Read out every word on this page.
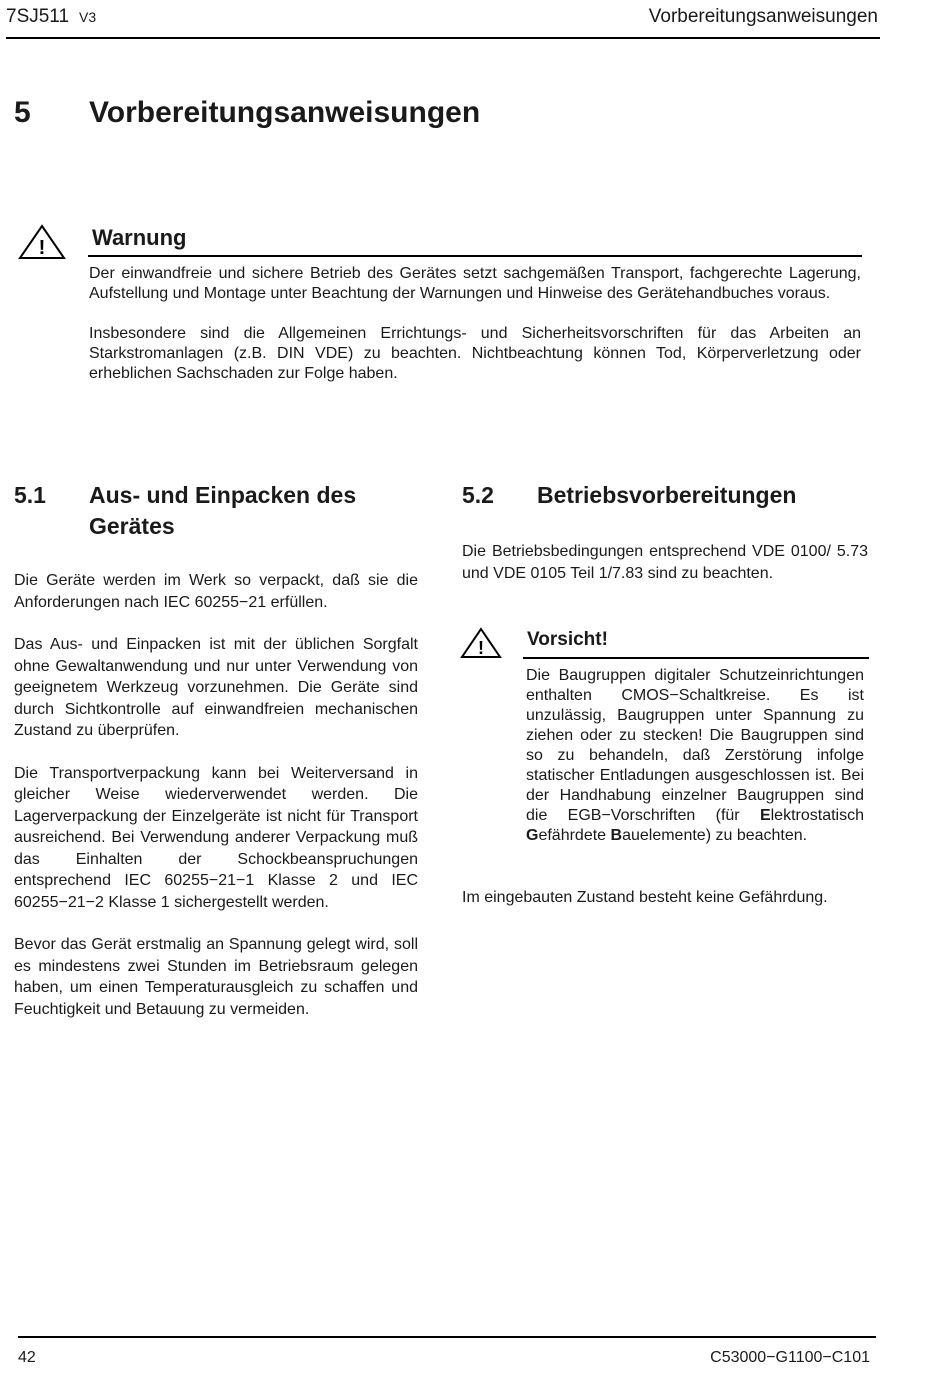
7SJ511 V3	Vorbereitungsanweisungen
5 Vorbereitungsanweisungen
! Warnung

Der einwandfreie und sichere Betrieb des Gerätes setzt sachgemäßen Transport, fachgerechte Lagerung, Aufstellung und Montage unter Beachtung der Warnungen und Hinweise des Gerätehandbuches voraus.

Insbesondere sind die Allgemeinen Errichtungs- und Sicherheitsvorschriften für das Arbeiten an Starkstromanlagen (z.B. DIN VDE) zu beachten. Nichtbeachtung können Tod, Körperverletzung oder erheblichen Sachschaden zur Folge haben.

5.1 Aus- und Einpacken des Gerätes

Die Geräte werden im Werk so verpackt, daß sie die Anforderungen nach IEC 60255−21 erfüllen.

Das Aus- und Einpacken ist mit der üblichen Sorgfalt ohne Gewaltanwendung und nur unter Verwendung von geeignetem Werkzeug vorzunehmen. Die Geräte sind durch Sichtkontrolle auf einwandfreien mechanischen Zustand zu überprüfen.

Die Transportverpackung kann bei Weiterversand in gleicher Weise wiederverwendet werden. Die Lagerverpackung der Einzelgeräte ist nicht für Transport ausreichend. Bei Verwendung anderer Verpackung muß das Einhalten der Schockbeanspruchungen entsprechend IEC 60255−21−1 Klasse 2 und IEC 60255−21−2 Klasse 1 sichergestellt werden.

Bevor das Gerät erstmalig an Spannung gelegt wird, soll es mindestens zwei Stunden im Betriebsraum gelegen haben, um einen Temperaturausgleich zu schaffen und Feuchtigkeit und Betauung zu vermeiden.

5.2 Betriebsvorbereitungen

Die Betriebsbedingungen entsprechend VDE 0100/ 5.73 und VDE 0105 Teil 1/7.83 sind zu beachten.

! Vorsicht!
Die Baugruppen digitaler Schutzeinrichtungen enthalten CMOS−Schaltkreise. Es ist unzulässig, Baugruppen unter Spannung zu ziehen oder zu stecken! Die Baugruppen sind so zu behandeln, daß Zerstörung infolge statischer Entladungen ausgeschlossen ist. Bei der Handhabung einzelner Baugruppen sind die EGB−Vorschriften (für Elektrostatisch Gefährdete Bauelemente) zu beachten.
Im eingebauten Zustand besteht keine Gefährdung.
42	C53000−G1100−C101
